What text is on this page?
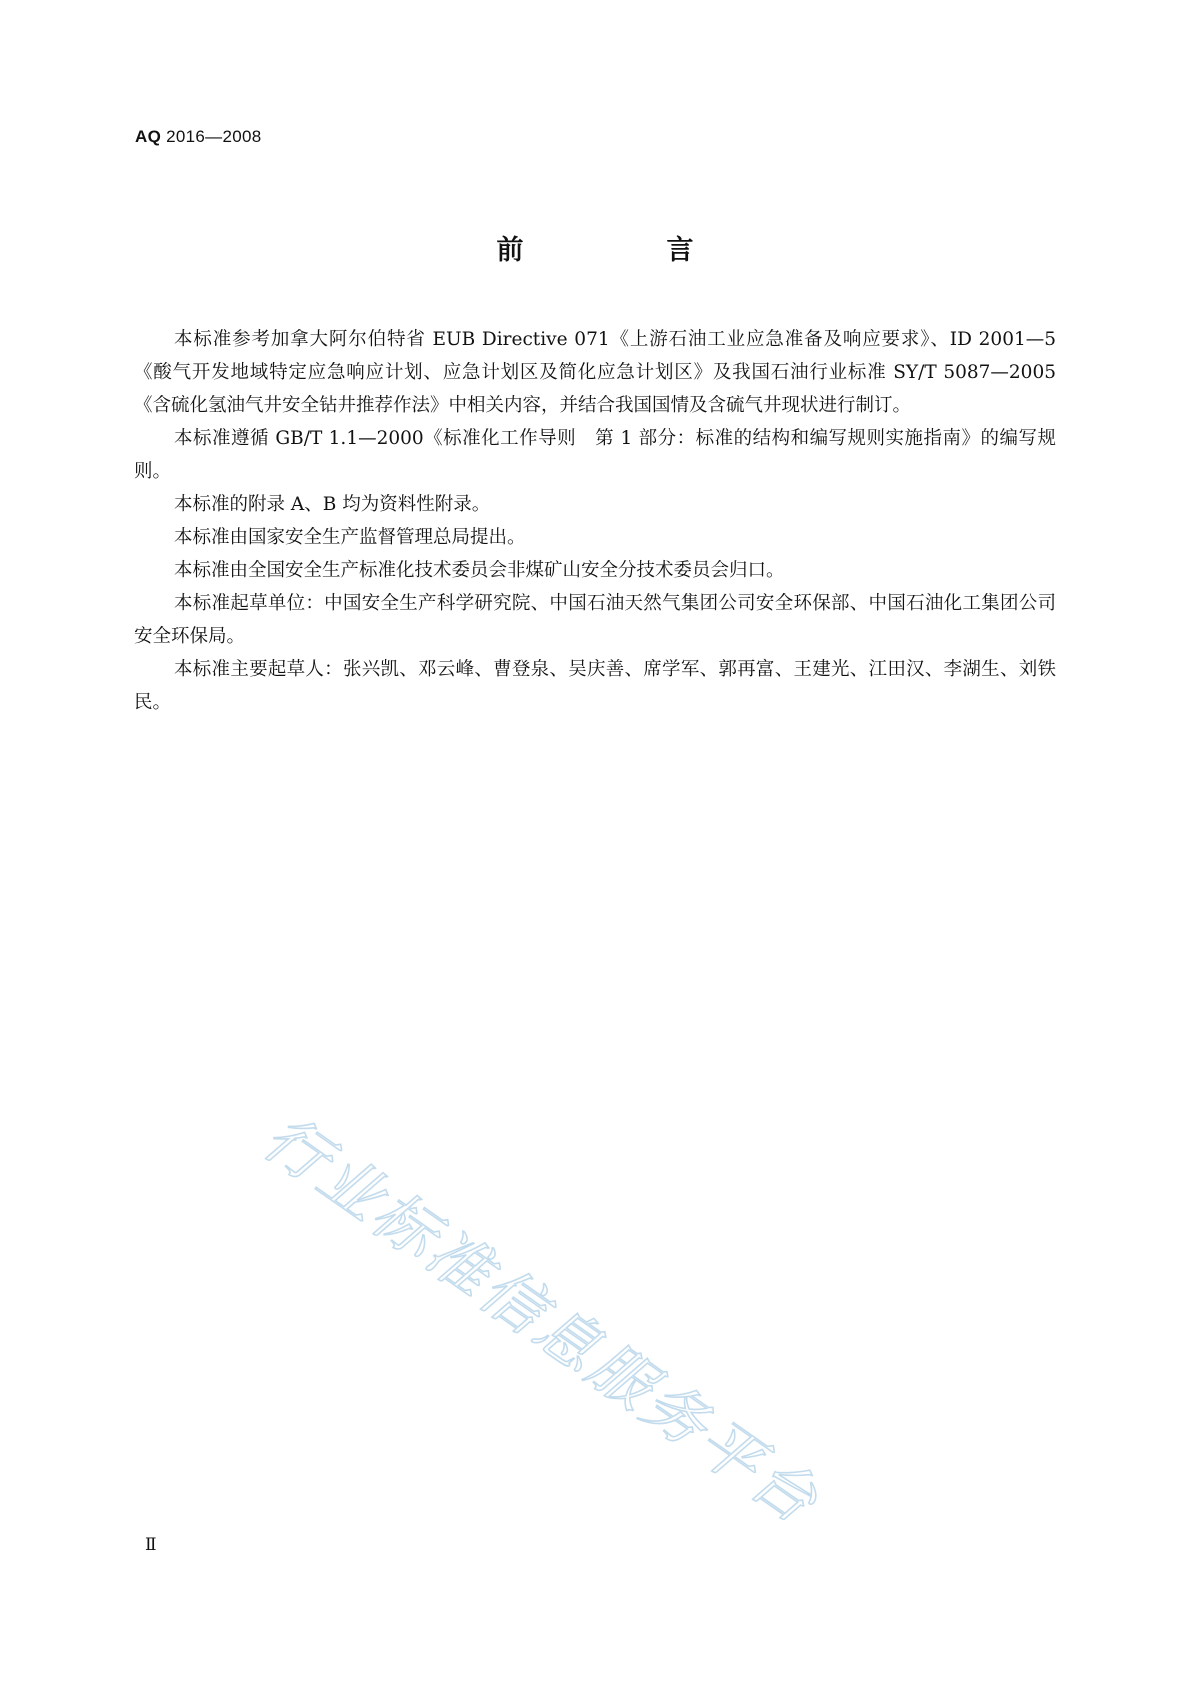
AQ 2016—2008
前　言

本标准参考加拿大阿尔伯特省 EUB Directive 071《上游石油工业应急准备及响应要求》、ID 2001—5《酸气开发地域特定应急响应计划、应急计划区及简化应急计划区》及我国石油行业标准 SY/T 5087—2005《含硫化氢油气井安全钻井推荐作法》中相关内容，并结合我国国情及含硫气井现状进行制订。

本标准遵循 GB/T 1.1—2000《标准化工作导则　第 1 部分：标准的结构和编写规则实施指南》的编写规则。

本标准的附录 A、B 均为资料性附录。

本标准由国家安全生产监督管理总局提出。

本标准由全国安全生产标准化技术委员会非煤矿山安全分技术委员会归口。

本标准起草单位：中国安全生产科学研究院、中国石油天然气集团公司安全环保部、中国石油化工集团公司安全环保局。

本标准主要起草人：张兴凯、邓云峰、曹登泉、吴庆善、席学军、郭再富、王建光、江田汉、李湖生、刘铁民。

行业标准信息服务平台
Ⅱ
